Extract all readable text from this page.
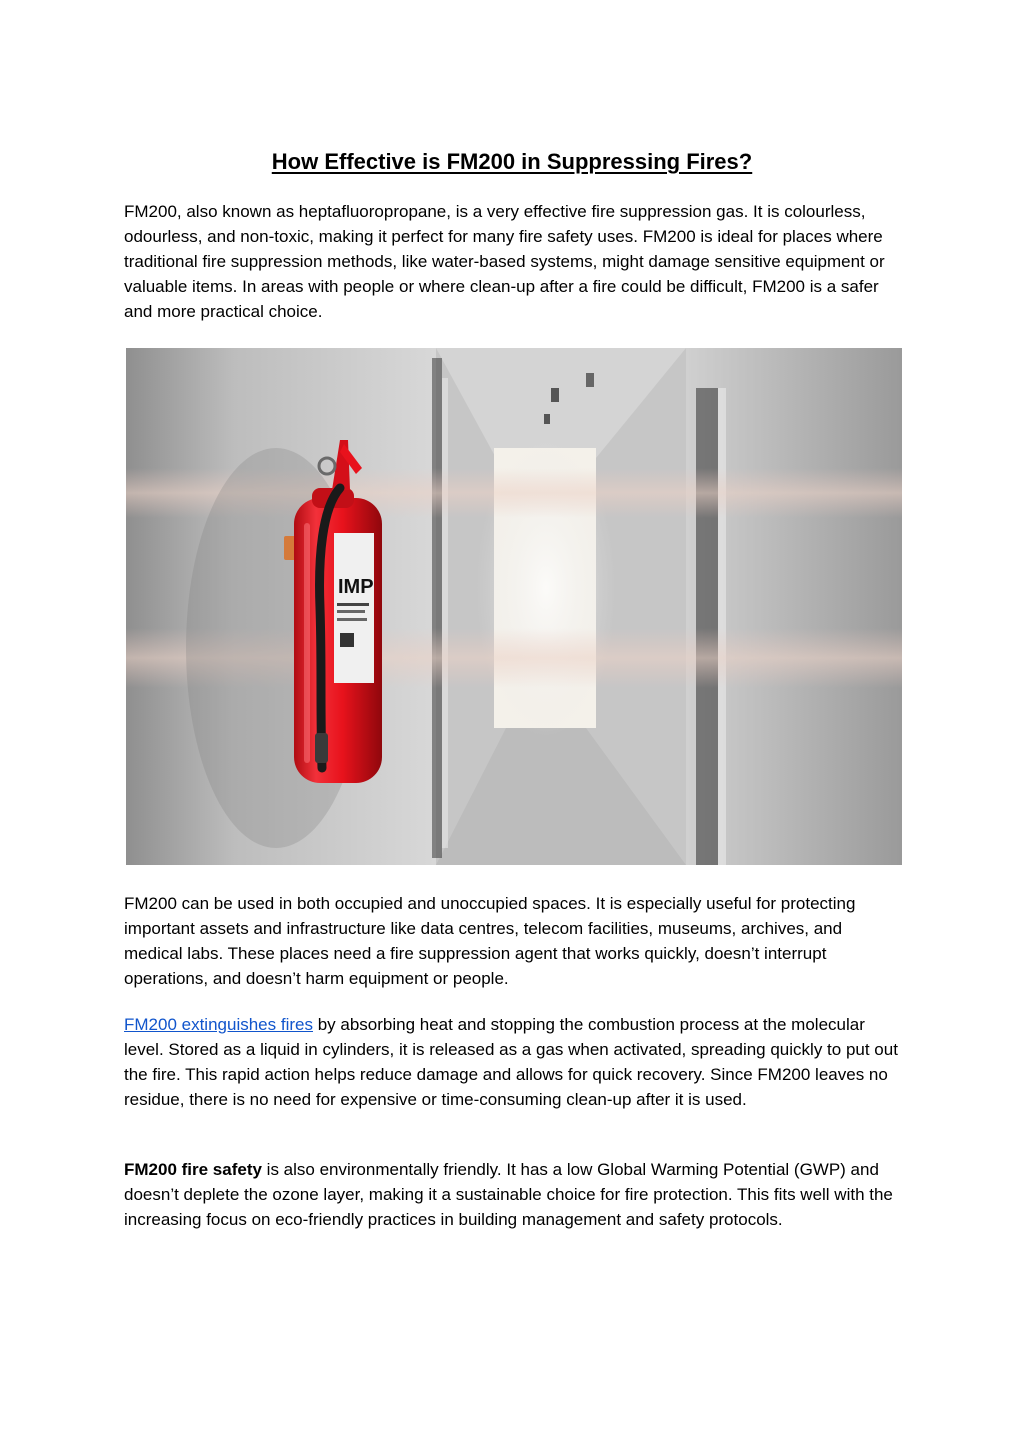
How Effective is FM200 in Suppressing Fires?

FM200, also known as heptafluoropropane, is a very effective fire suppression gas. It is colourless, odourless, and non-toxic, making it perfect for many fire safety uses. FM200 is ideal for places where traditional fire suppression methods, like water-based systems, might damage sensitive equipment or valuable items. In areas with people or where clean-up after a fire could be difficult, FM200 is a safer and more practical choice.

IMP

FM200 can be used in both occupied and unoccupied spaces. It is especially useful for protecting important assets and infrastructure like data centres, telecom facilities, museums, archives, and medical labs. These places need a fire suppression agent that works quickly, doesn’t interrupt operations, and doesn’t harm equipment or people.

FM200 extinguishes fires by absorbing heat and stopping the combustion process at the molecular level. Stored as a liquid in cylinders, it is released as a gas when activated, spreading quickly to put out the fire. This rapid action helps reduce damage and allows for quick recovery. Since FM200 leaves no residue, there is no need for expensive or time-consuming clean-up after it is used.

FM200 fire safety is also environmentally friendly. It has a low Global Warming Potential (GWP) and doesn’t deplete the ozone layer, making it a sustainable choice for fire protection. This fits well with the increasing focus on eco-friendly practices in building management and safety protocols.
